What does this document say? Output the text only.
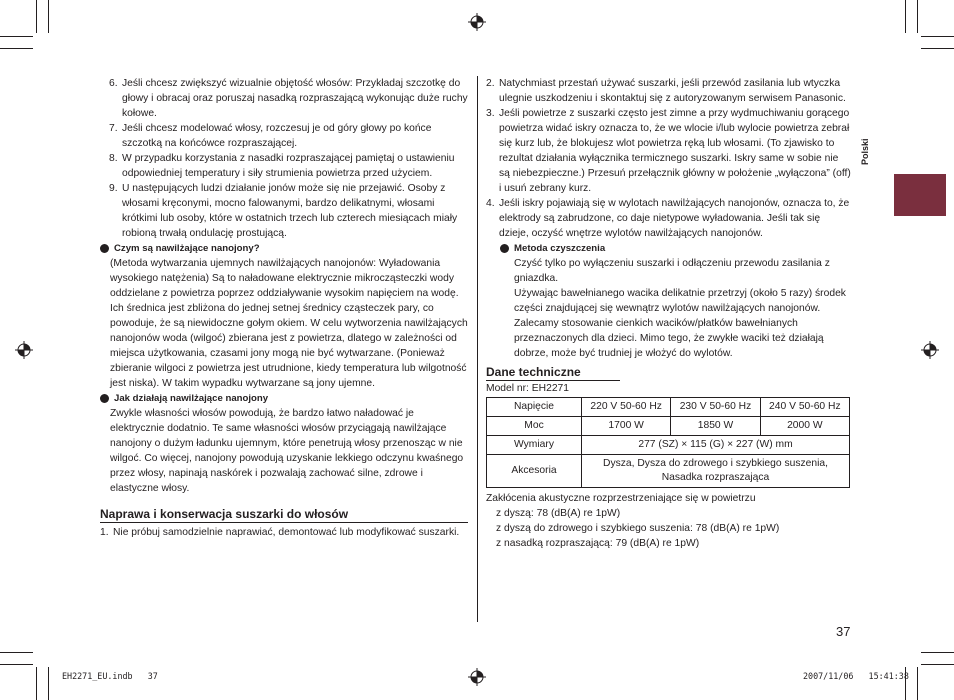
Polski
6. Jeśli chcesz zwiększyć wizualnie objętość włosów: Przykładaj szczotkę do głowy i obracaj oraz poruszaj nasadką rozpraszającą wykonując duże ruchy kołowe.
7. Jeśli chcesz modelować włosy, rozczesuj je od góry głowy po końce szczotką na końcówce rozpraszającej.
8. W przypadku korzystania z nasadki rozpraszającej pamiętaj o ustawieniu odpowiedniej temperatury i siły strumienia powietrza przed użyciem.
9. U następujących ludzi działanie jonów może się nie przejawić. Osoby z włosami kręconymi, mocno falowanymi, bardzo delikatnymi, włosami krótkimi lub osoby, które w ostatnich trzech lub czterech miesiącach miały robioną trwałą ondulację prostującą.
Czym są nawilżające nanojony?
(Metoda wytwarzania ujemnych nawilżających nanojonów: Wyładowania wysokiego natężenia) Są to naładowane elektrycznie mikrocząsteczki wody oddzielane z powietrza poprzez oddziaływanie wysokim napięciem na wodę. Ich średnica jest zbliżona do jednej setnej średnicy cząsteczek pary, co powoduje, że są niewidoczne gołym okiem. W celu wytworzenia nawilżających nanojonów woda (wilgoć) zbierana jest z powietrza, dlatego w zależności od miejsca użytkowania, czasami jony mogą nie być wytwarzane. (Ponieważ zbieranie wilgoci z powietrza jest utrudnione, kiedy temperatura lub wilgotność jest niska). W takim wypadku wytwarzane są jony ujemne.
Jak działają nawilżające nanojony
Zwykle własności włosów powodują, że bardzo łatwo naładować je elektrycznie dodatnio. Te same własności włosów przyciągają nawilżające nanojony o dużym ładunku ujemnym, które penetrują włosy przenosząc w nie wilgoć. Co więcej, nanojony powodują uzyskanie lekkiego odczynu kwaśnego przez włosy, napinają naskórek i pozwalają zachować silne, zdrowe i elastyczne włosy.
Naprawa i konserwacja suszarki do włosów
1. Nie próbuj samodzielnie naprawiać, demontować lub modyfikować suszarki.
2. Natychmiast przestań używać suszarki, jeśli przewód zasilania lub wtyczka ulegnie uszkodzeniu i skontaktuj się z autoryzowanym serwisem Panasonic.
3. Jeśli powietrze z suszarki często jest zimne a przy wydmuchiwaniu gorącego powietrza widać iskry oznacza to, że we wlocie i/lub wylocie powietrza zebrał się kurz lub, że blokujesz wlot powietrza ręką lub włosami. (To zjawisko to rezultat działania wyłącznika termicznego suszarki. Iskry same w sobie nie są niebezpieczne.) Przesuń przełącznik główny w położenie „wyłączona” (off) i usuń zebrany kurz.
4. Jeśli iskry pojawiają się w wylotach nawilżających nanojonów, oznacza to, że elektrody są zabrudzone, co daje nietypowe wyładowania. Jeśli tak się dzieje, oczyść wnętrze wylotów nawilżających nanojonów.
Metoda czyszczenia
Czyść tylko po wyłączeniu suszarki i odłączeniu przewodu zasilania z gniazdka.
Używając bawełnianego wacika delikatnie przetrzyj (około 5 razy) środek części znajdującej się wewnątrz wylotów nawilżających nanojonów.
Zalecamy stosowanie cienkich wacików/płatków bawełnianych przeznaczonych dla dzieci. Mimo tego, że zwykłe waciki też działają dobrze, może być trudniej je włożyć do wylotów.
Dane techniczne
Model nr: EH2271
Napięcie	220 V 50-60 Hz	230 V 50-60 Hz	240 V 50-60 Hz
Moc	1700 W	1850 W	2000 W
Wymiary	277 (SZ) × 115 (G) × 227 (W) mm		
Akcesoria	Dysza, Dysza do zdrowego i szybkiego suszenia,
Nasadka rozpraszająca		
Zakłócenia akustyczne rozprzestrzeniające się w powietrzu
z dyszą: 78 (dB(A) re 1pW)
z dyszą do zdrowego i szybkiego suszenia: 78 (dB(A) re 1pW)
z nasadką rozpraszającą: 79 (dB(A) re 1pW)
37
EH2271_EU.indb   37	2007/11/06   15:41:38
